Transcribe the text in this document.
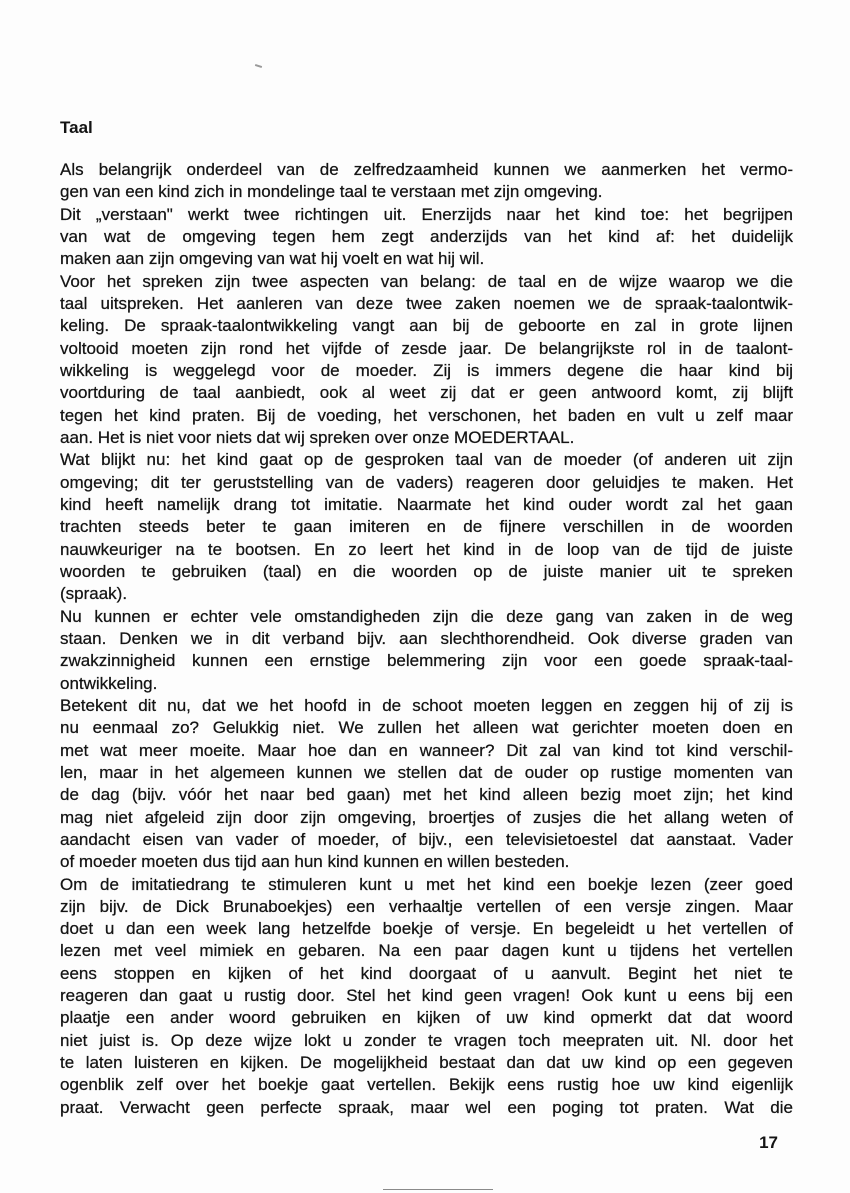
Taal
Als belangrijk onderdeel van de zelfredzaamheid kunnen we aanmerken het vermo-
gen van een kind zich in mondelinge taal te verstaan met zijn omgeving.
Dit „verstaan" werkt twee richtingen uit. Enerzijds naar het kind toe: het begrijpen
van wat de omgeving tegen hem zegt anderzijds van het kind af: het duidelijk
maken aan zijn omgeving van wat hij voelt en wat hij wil.
Voor het spreken zijn twee aspecten van belang: de taal en de wijze waarop we die
taal uitspreken. Het aanleren van deze twee zaken noemen we de spraak-taalontwik-
keling. De spraak-taalontwikkeling vangt aan bij de geboorte en zal in grote lijnen
voltooid moeten zijn rond het vijfde of zesde jaar. De belangrijkste rol in de taalont-
wikkeling is weggelegd voor de moeder. Zij is immers degene die haar kind bij
voortduring de taal aanbiedt, ook al weet zij dat er geen antwoord komt, zij blijft
tegen het kind praten. Bij de voeding, het verschonen, het baden en vult u zelf maar
aan. Het is niet voor niets dat wij spreken over onze MOEDERTAAL.
Wat blijkt nu: het kind gaat op de gesproken taal van de moeder (of anderen uit zijn
omgeving; dit ter geruststelling van de vaders) reageren door geluidjes te maken. Het
kind heeft namelijk drang tot imitatie. Naarmate het kind ouder wordt zal het gaan
trachten steeds beter te gaan imiteren en de fijnere verschillen in de woorden
nauwkeuriger na te bootsen. En zo leert het kind in de loop van de tijd de juiste
woorden te gebruiken (taal) en die woorden op de juiste manier uit te spreken
(spraak).
Nu kunnen er echter vele omstandigheden zijn die deze gang van zaken in de weg
staan. Denken we in dit verband bijv. aan slechthorendheid. Ook diverse graden van
zwakzinnigheid kunnen een ernstige belemmering zijn voor een goede spraak-taal-
ontwikkeling.
Betekent dit nu, dat we het hoofd in de schoot moeten leggen en zeggen hij of zij is
nu eenmaal zo? Gelukkig niet. We zullen het alleen wat gerichter moeten doen en
met wat meer moeite. Maar hoe dan en wanneer? Dit zal van kind tot kind verschil-
len, maar in het algemeen kunnen we stellen dat de ouder op rustige momenten van
de dag (bijv. vóór het naar bed gaan) met het kind alleen bezig moet zijn; het kind
mag niet afgeleid zijn door zijn omgeving, broertjes of zusjes die het allang weten of
aandacht eisen van vader of moeder, of bijv., een televisietoestel dat aanstaat. Vader
of moeder moeten dus tijd aan hun kind kunnen en willen besteden.
Om de imitatiedrang te stimuleren kunt u met het kind een boekje lezen (zeer goed
zijn bijv. de Dick Brunaboekjes) een verhaaltje vertellen of een versje zingen. Maar
doet u dan een week lang hetzelfde boekje of versje. En begeleidt u het vertellen of
lezen met veel mimiek en gebaren. Na een paar dagen kunt u tijdens het vertellen
eens stoppen en kijken of het kind doorgaat of u aanvult. Begint het niet te
reageren dan gaat u rustig door. Stel het kind geen vragen! Ook kunt u eens bij een
plaatje een ander woord gebruiken en kijken of uw kind opmerkt dat dat woord
niet juist is. Op deze wijze lokt u zonder te vragen toch meepraten uit. Nl. door het
te laten luisteren en kijken. De mogelijkheid bestaat dan dat uw kind op een gegeven
ogenblik zelf over het boekje gaat vertellen. Bekijk eens rustig hoe uw kind eigenlijk
praat. Verwacht geen perfecte spraak, maar wel een poging tot praten. Wat die
17
